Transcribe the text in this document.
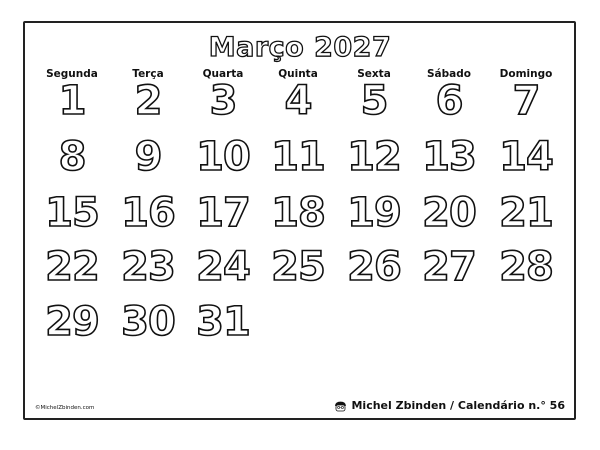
Março 2027
Segunda	Terça	Quarta	Quinta	Sexta	Sábado	Domingo
1	2	3	4	5	6	7
8	9 10 11 12 13 14
15 16 17 18 19 20 21
22 23 24 25 26 27 28
29 30 31
©MichelZbinden.com	Michel Zbinden / Calendário n.° 56
